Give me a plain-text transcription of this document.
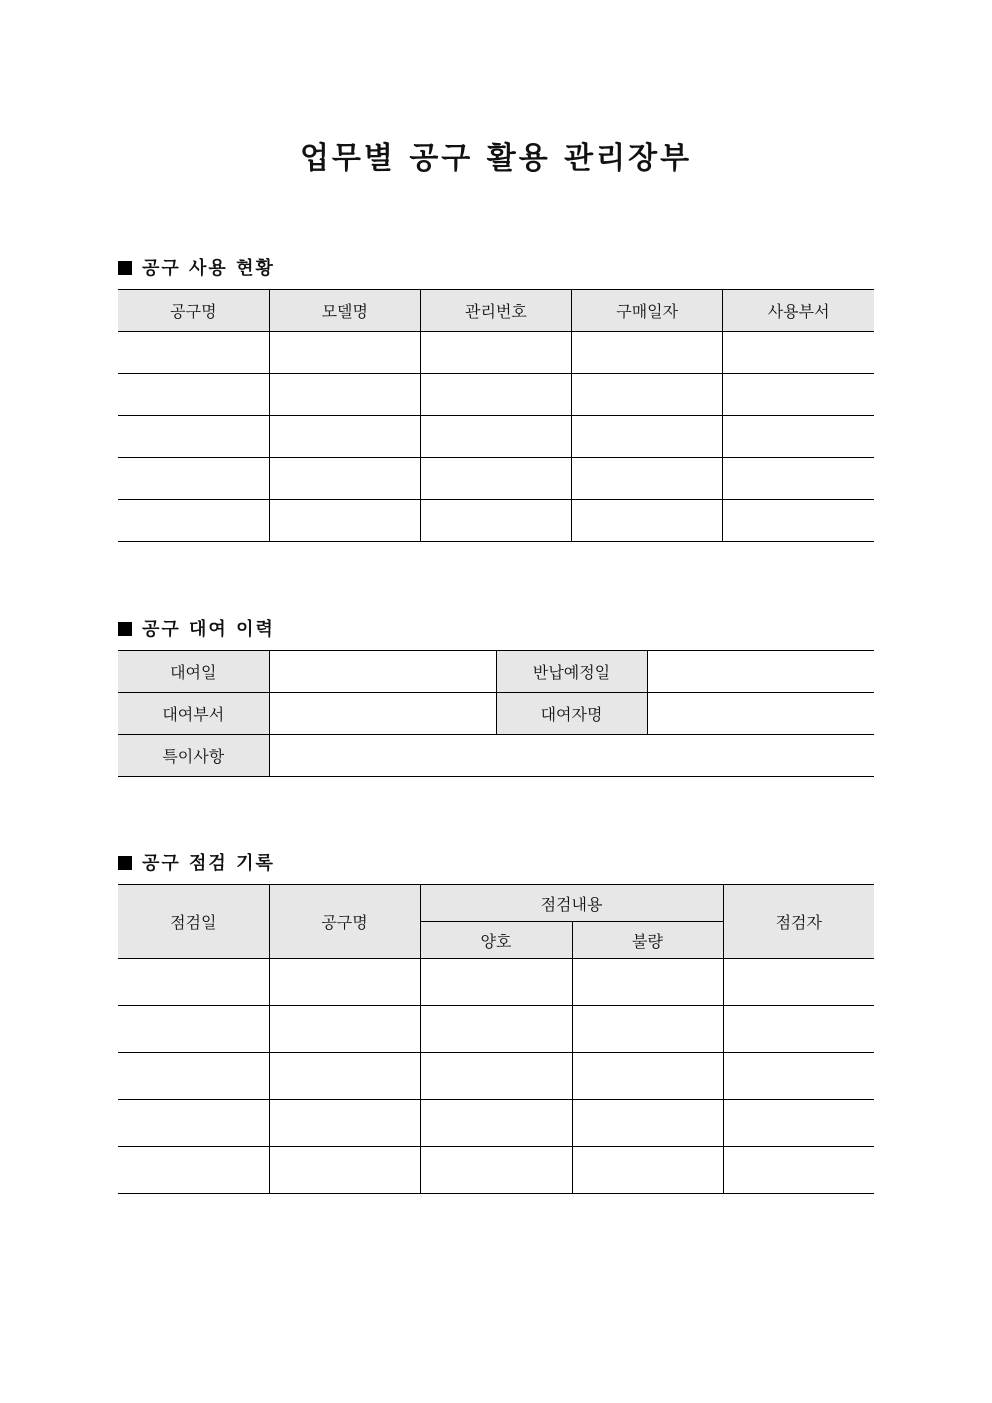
업무별 공구 활용 관리장부
공구 사용 현황
공구명	모델명	관리번호	구매일자	사용부서

공구 대여 이력
대여일		반납예정일	
대여부서		대여자명	
특이사항			
공구 점검 기록
점검일	공구명	점검내용		점검자
		양호	불량	
